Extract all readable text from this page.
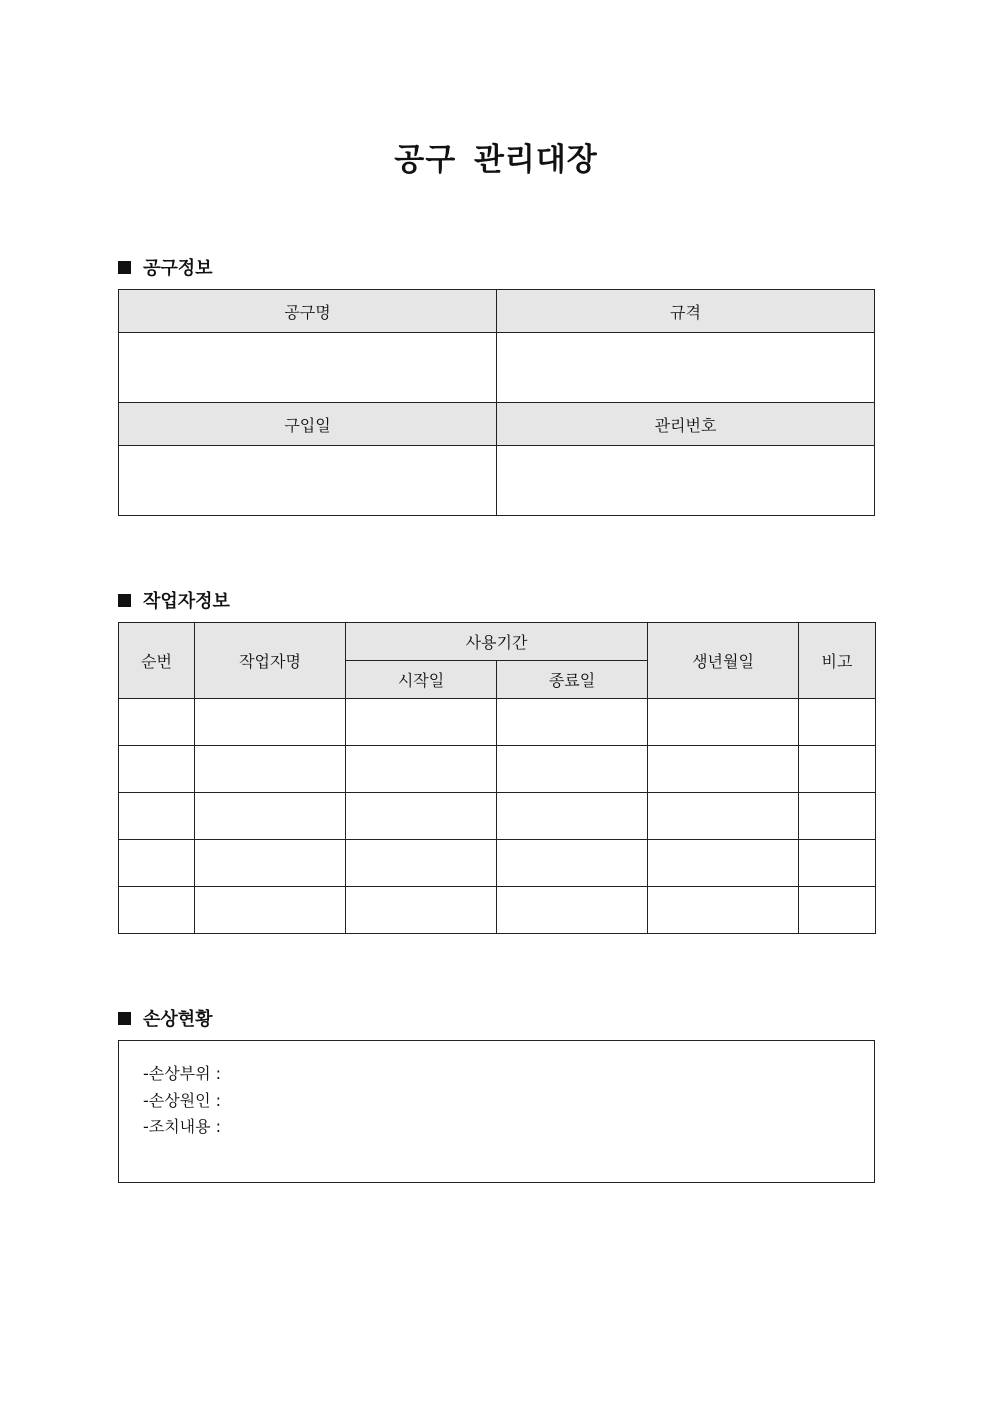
공구 관리대장
공구정보
공구명	규격

구입일	관리번호

작업자정보
순번	작업자명	사용기간		생년월일	비고
		시작일	종료일		

손상현황
-손상부위 :
-손상원인 :
-조치내용 :
